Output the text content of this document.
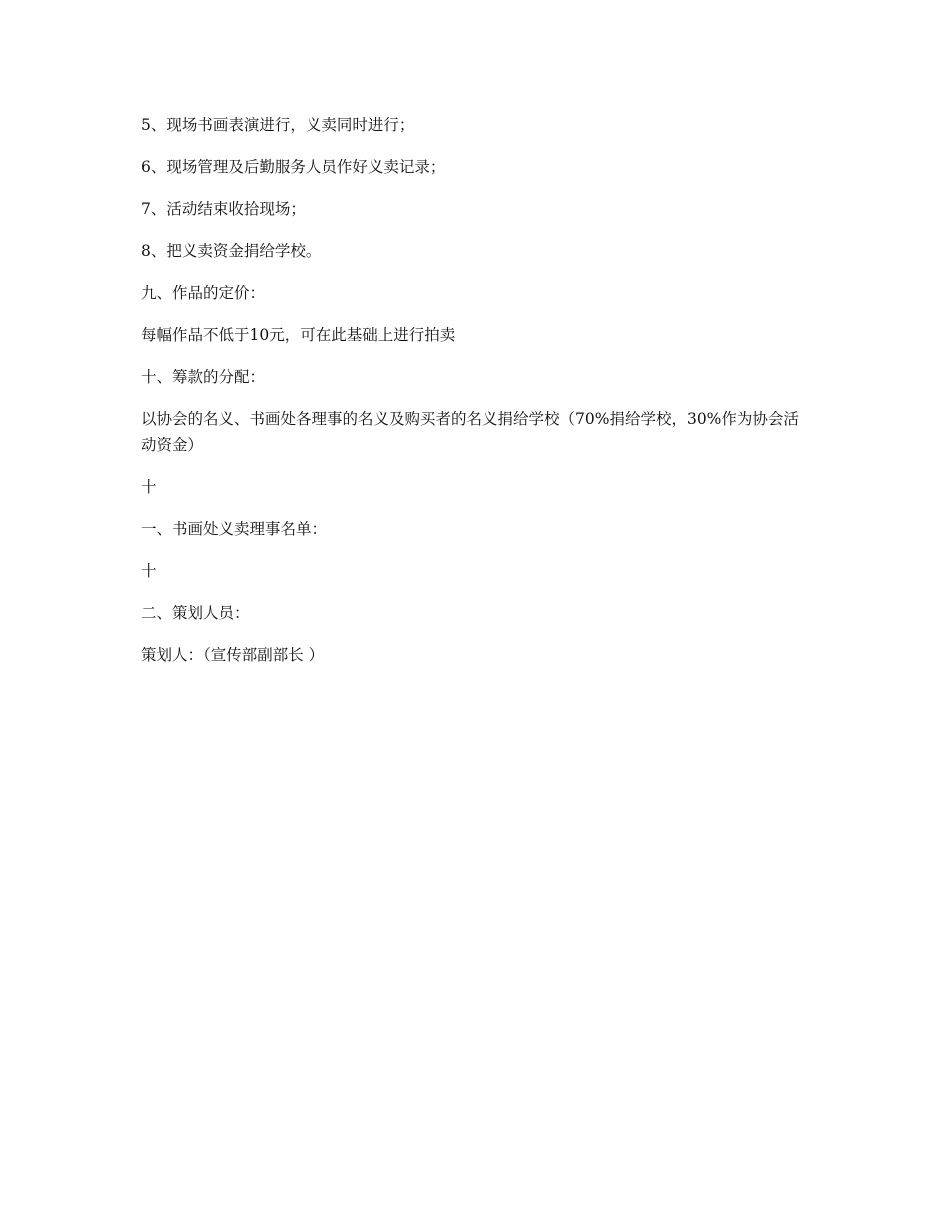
5、现场书画表演进行，义卖同时进行；

6、现场管理及后勤服务人员作好义卖记录；

7、活动结束收拾现场；

8、把义卖资金捐给学校。

九、作品的定价：

每幅作品不低于10元，可在此基础上进行拍卖

十、筹款的分配：

以协会的名义、书画处各理事的名义及购买者的名义捐给学校（70%捐给学校，30%作为协会活动资金）

十

一、书画处义卖理事名单：

十

二、策划人员：

策划人：（宣传部副部长 ）
